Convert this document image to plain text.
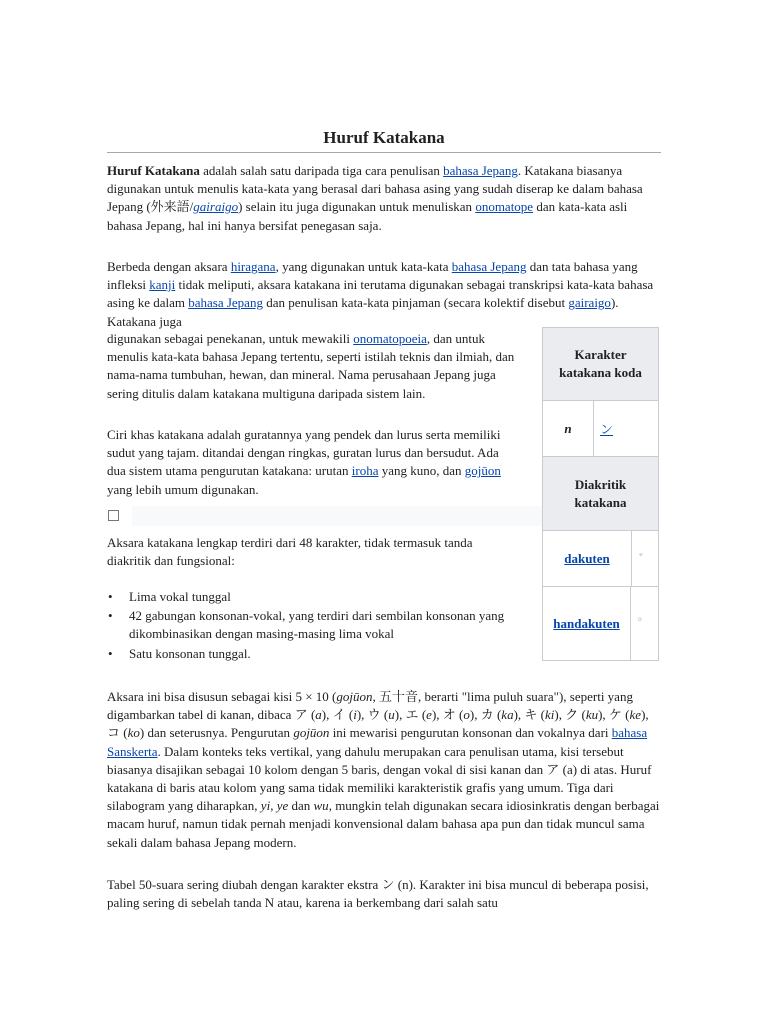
Huruf Katakana

Huruf Katakana adalah salah satu daripada tiga cara penulisan bahasa Jepang. Katakana biasanya digunakan untuk menulis kata-kata yang berasal dari bahasa asing yang sudah diserap ke dalam bahasa Jepang (外来語/gairaigo) selain itu juga digunakan untuk menuliskan onomatope dan kata-kata asli bahasa Jepang, hal ini hanya bersifat penegasan saja.

Berbeda dengan aksara hiragana, yang digunakan untuk kata-kata bahasa Jepang dan tata bahasa yang infleksi kanji tidak meliputi, aksara katakana ini terutama digunakan sebagai transkripsi kata-kata bahasa asing ke dalam bahasa Jepang dan penulisan kata-kata pinjaman (secara kolektif disebut gairaigo). Katakana juga

digunakan sebagai penekanan, untuk mewakili onomatopoeia, dan untuk menulis kata-kata bahasa Jepang tertentu, seperti istilah teknis dan ilmiah, dan nama-nama tumbuhan, hewan, dan mineral. Nama perusahaan Jepang juga sering ditulis dalam katakana multiguna daripada sistem lain.

Ciri khas katakana adalah guratannya yang pendek dan lurus serta memiliki sudut yang tajam. ditandai dengan ringkas, guratan lurus dan bersudut. Ada dua sistem utama pengurutan katakana: urutan iroha yang kuno, dan gojūon yang lebih umum digunakan.

Aksara katakana lengkap terdiri dari 48 karakter, tidak termasuk tanda diakritik dan fungsional:

• Lima vokal tunggal
• 42 gabungan konsonan-vokal, yang terdiri dari sembilan konsonan yang dikombinasikan dengan masing-masing lima vokal
• Satu konsonan tunggal.

Aksara ini bisa disusun sebagai kisi 5 × 10 (gojūon, 五十音, berarti "lima puluh suara"), seperti yang digambarkan tabel di kanan, dibaca ア (a), イ (i), ウ (u), エ (e), オ (o), カ (ka), キ (ki), ク (ku), ケ (ke), コ (ko) dan seterusnya. Pengurutan gojūon ini mewarisi pengurutan konsonan dan vokalnya dari bahasa Sanskerta. Dalam konteks teks vertikal, yang dahulu merupakan cara penulisan utama, kisi tersebut biasanya disajikan sebagai 10 kolom dengan 5 baris, dengan vokal di sisi kanan dan ア (a) di atas. Huruf katakana di baris atau kolom yang sama tidak memiliki karakteristik grafis yang umum. Tiga dari silabogram yang diharapkan, yi, ye dan wu, mungkin telah digunakan secara idiosinkratis dengan berbagai macam huruf, namun tidak pernah menjadi konvensional dalam bahasa apa pun dan tidak muncul sama sekali dalam bahasa Jepang modern.

Tabel 50-suara sering diubah dengan karakter ekstra ン (n). Karakter ini bisa muncul di beberapa posisi, paling sering di sebelah tanda N atau, karena ia berkembang dari salah satu

Karakter katakana koda
n	ン
Diakritik katakana
dakuten	゛
handakuten	゜
